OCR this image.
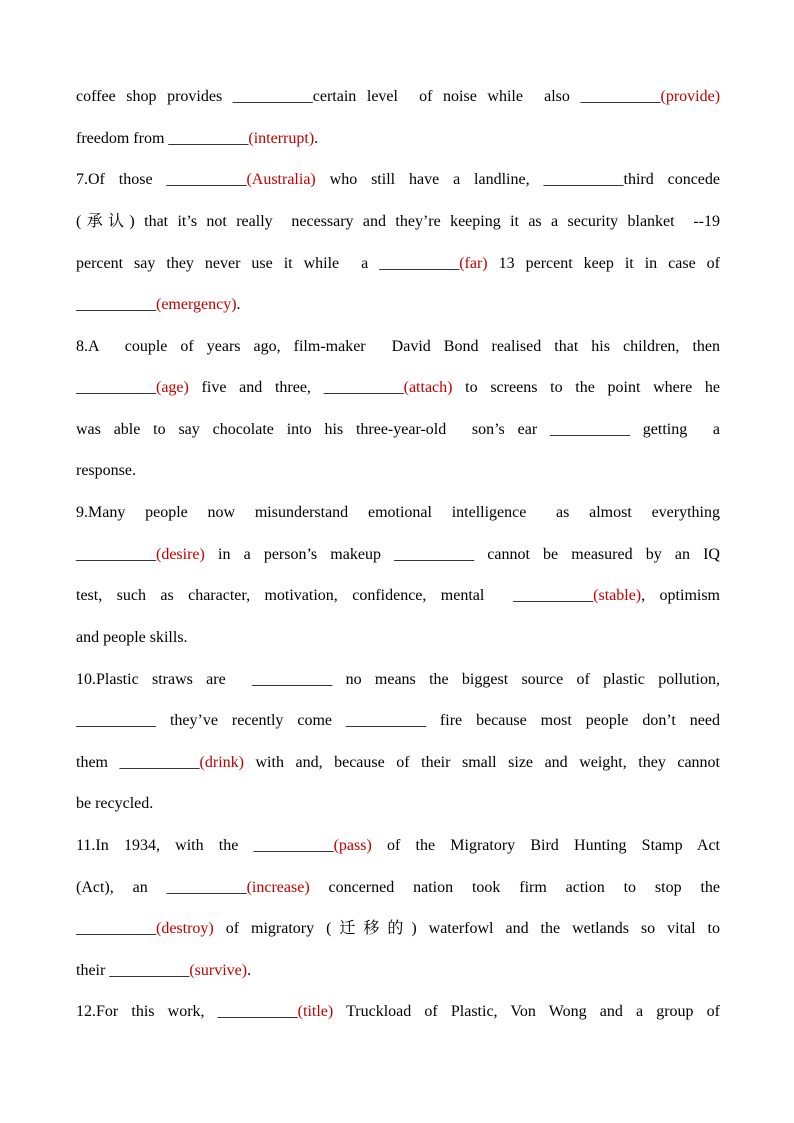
coffee shop provides __________certain level  of noise while  also __________(provide)
freedom from __________(interrupt).
7.Of those __________(Australia) who still have a landline, __________third concede
(承认) that it’s not really  necessary and they’re keeping it as a security blanket  --19
percent say they never use it while  a __________(far) 13 percent keep it in case of
__________(emergency).
8.A  couple of years ago, film-maker  David Bond realised that his children, then
__________(age) five and three, __________(attach) to screens to the point where he
was able to say chocolate into his three-year-old  son’s ear __________ getting  a
response.
9.Many  people  now  misunderstand  emotional  intelligence   as  almost  everything
__________(desire) in a person’s makeup __________ cannot be measured by an IQ
test, such as character, motivation, confidence, mental  __________(stable), optimism
and people skills.
10.Plastic straws are  __________ no means the biggest source of plastic pollution,
__________ they’ve recently come __________ fire because most people don’t need
them __________(drink) with and, because of their small size and weight, they cannot
be recycled.
11.In 1934, with the __________(pass) of the Migratory Bird Hunting Stamp Act
(Act), an __________(increase) concerned nation took firm action to stop the
__________(destroy) of migratory (迁移的) waterfowl and the wetlands so vital to
their __________(survive).
12.For this work, __________(title) Truckload of Plastic, Von Wong and a group of
